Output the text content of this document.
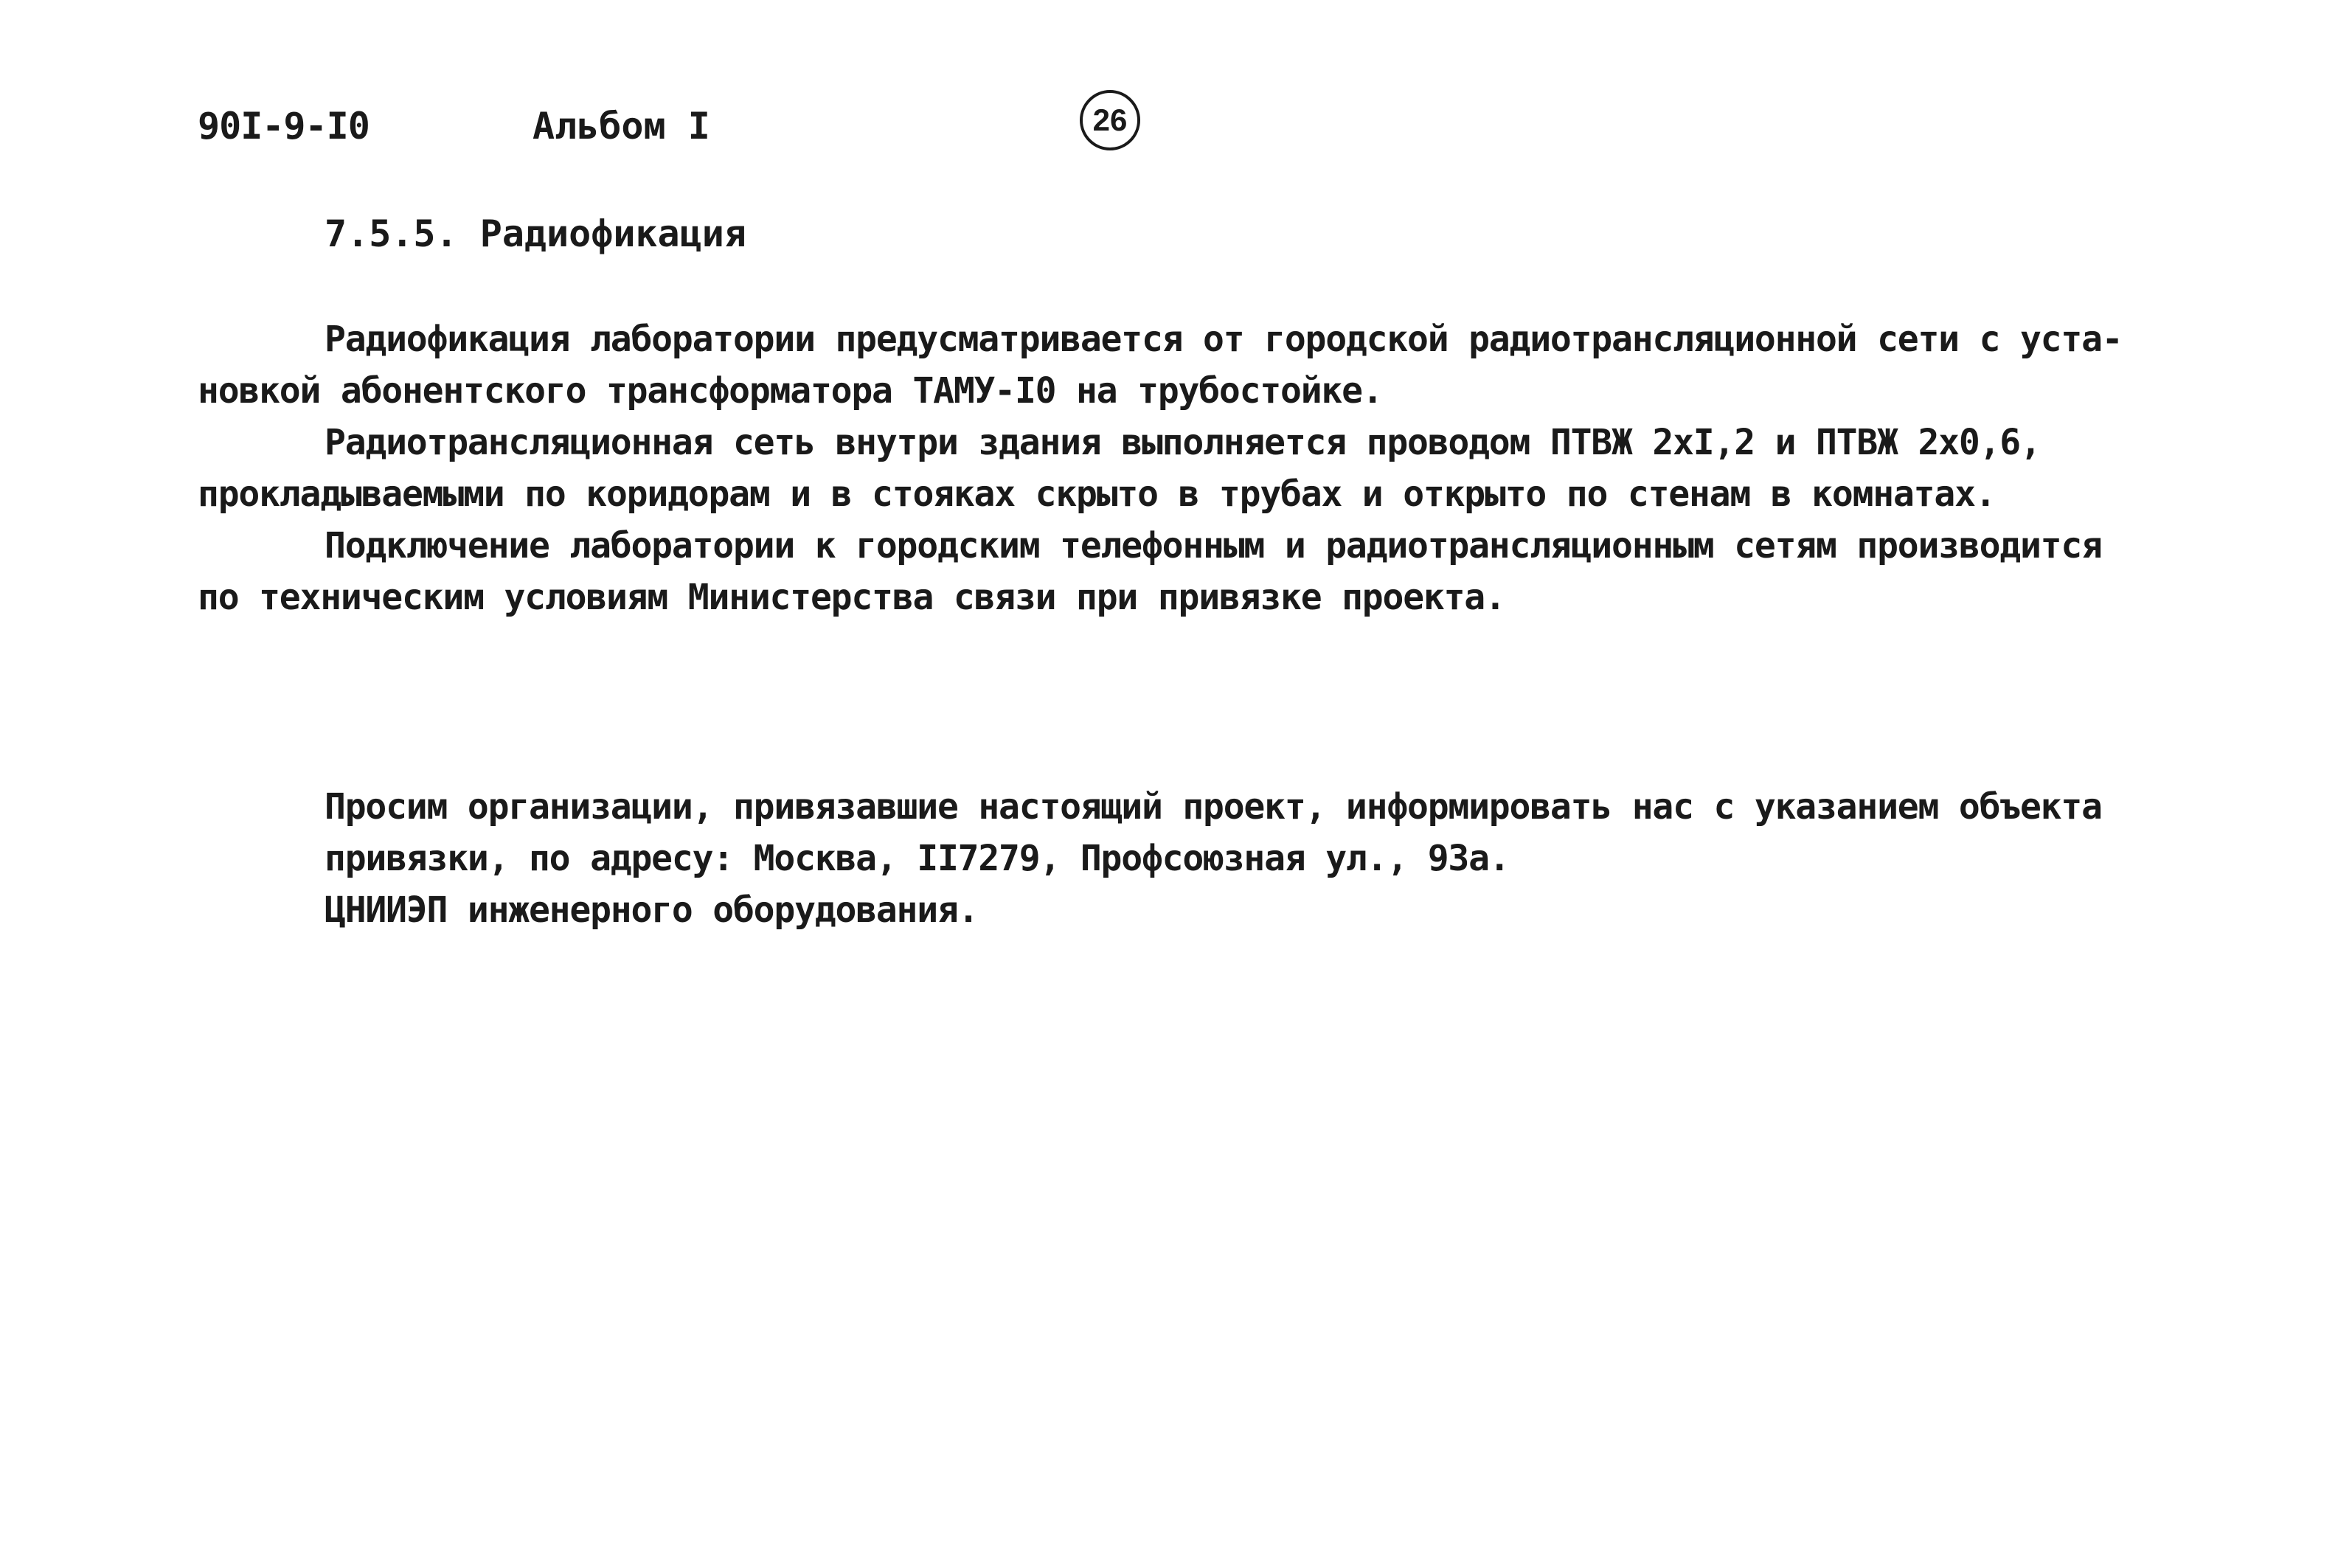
90I-9-I0	Альбом I	26
7.5.5. Радиофикация
Радиофикация лаборатории предусматривается от городской радиотрансляционной сети с уста-
новкой абонентского трансформатора ТАМУ-I0 на трубостойке.
Радиотрансляционная сеть внутри здания выполняется проводом ПТВЖ 2хI,2 и ПТВЖ 2х0,6,
прокладываемыми по коридорам и в стояках скрыто в трубах и открыто по стенам в комнатах.
Подключение лаборатории к городским телефонным и радиотрансляционным сетям производится
по техническим условиям Министерства связи при привязке проекта.
Просим организации, привязавшие настоящий проект, информировать нас с указанием объекта
привязки, по адресу: Москва, II7279, Профсоюзная ул., 93а.
ЦНИИЭП инженерного оборудования.
